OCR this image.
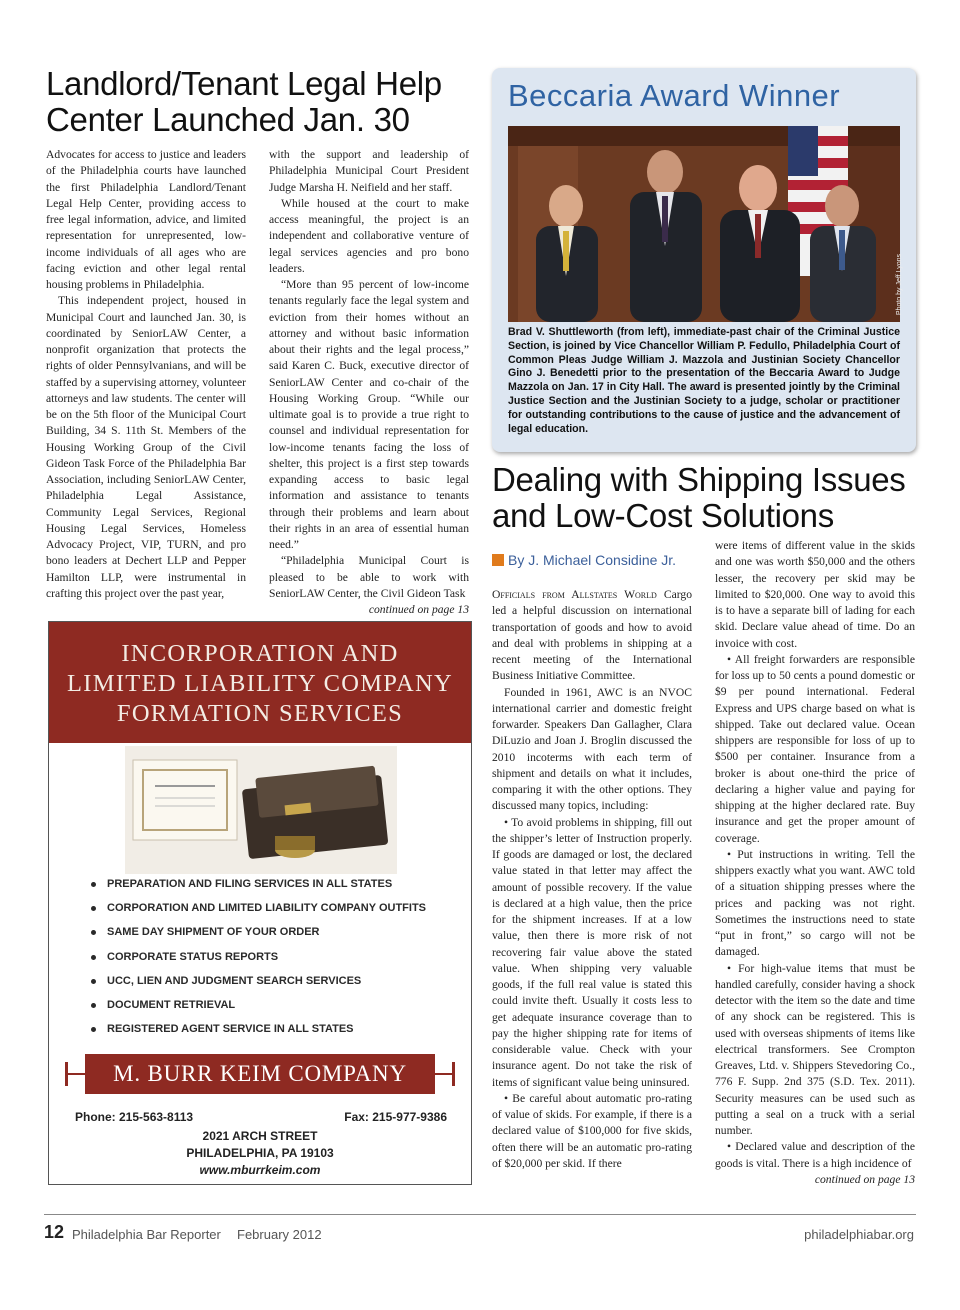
Landlord/Tenant Legal Help
Center Launched Jan. 30

Advocates for access to justice and leaders of the Philadelphia courts have launched the first Philadelphia Landlord/Tenant Legal Help Center, providing access to free legal information, advice, and limited representation for unrepresented, low-income individuals of all ages who are facing eviction and other legal rental housing problems in Philadelphia.

This independent project, housed in Municipal Court and launched Jan. 30, is coordinated by SeniorLAW Center, a nonprofit organization that protects the rights of older Pennsylvanians, and will be staffed by a supervising attorney, volunteer attorneys and law students. The center will be on the 5th floor of the Municipal Court Building, 34 S. 11th St. Members of the Housing Working Group of the Civil Gideon Task Force of the Philadelphia Bar Association, including SeniorLAW Center, Philadelphia Legal Assistance, Community Legal Services, Regional Housing Legal Services, Homeless Advocacy Project, VIP, TURN, and pro bono leaders at Dechert LLP and Pepper Hamilton LLP, were instrumental in crafting this project over the past year,

with the support and leadership of Philadelphia Municipal Court President Judge Marsha H. Neifield and her staff.

While housed at the court to make access meaningful, the project is an independent and collaborative venture of legal services agencies and pro bono leaders.

“More than 95 percent of low-income tenants regularly face the legal system and eviction from their homes without an attorney and without basic information about their rights and the legal process,” said Karen C. Buck, executive director of SeniorLAW Center and co-chair of the Housing Working Group. “While our ultimate goal is to provide a true right to counsel and individual representation for low-income tenants facing the loss of shelter, this project is a first step towards expanding access to basic legal information and assistance to tenants through their problems and learn about their rights in an area of essential human need.”

“Philadelphia Municipal Court is pleased to be able to work with SeniorLAW Center, the Civil Gideon Task

continued on page 13
Beccaria Award Winner
Photo by Jeff Lyons
Brad V. Shuttleworth (from left), immediate-past chair of the Criminal Justice Section, is joined by Vice Chancellor William P. Fedullo, Philadelphia Court of Common Pleas Judge William J. Mazzola and Justinian Society Chancellor Gino J. Benedetti prior to the presentation of the Beccaria Award to Judge Mazzola on Jan. 17 in City Hall. The award is presented jointly by the Criminal Justice Section and the Justinian Society to a judge, scholar or practitioner for outstanding contributions to the cause of justice and the advancement of legal education.
Dealing with Shipping Issues
and Low-Cost Solutions
By J. Michael Considine Jr.

Officials from Allstates World Cargo led a helpful discussion on international transportation of goods and how to avoid and deal with problems in shipping at a recent meeting of the International Business Initiative Committee.

Founded in 1961, AWC is an NVOC international carrier and domestic freight forwarder. Speakers Dan Gallagher, Clara DiLuzio and Joan J. Broglin discussed the 2010 incoterms with each term of shipment and details on what it includes, comparing it with the other options. They discussed many topics, including:

• To avoid problems in shipping, fill out the shipper’s letter of Instruction properly. If goods are damaged or lost, the declared value stated in that letter may affect the amount of possible recovery. If the value is declared at a high value, then the price for the shipment increases. If at a low value, then there is more risk of not recovering fair value above the stated value. When shipping very valuable goods, if the full real value is stated this could invite theft. Usually it costs less to get adequate insurance coverage than to pay the higher shipping rate for items of considerable value. Check with your insurance agent. Do not take the risk of items of significant value being uninsured.

• Be careful about automatic pro-rating of value of skids. For example, if there is a declared value of $100,000 for five skids, often there will be an automatic pro-rating of $20,000 per skid. If there

were items of different value in the skids and one was worth $50,000 and the others lesser, the recovery per skid may be limited to $20,000. One way to avoid this is to have a separate bill of lading for each skid. Declare value ahead of time. Do an invoice with cost.

• All freight forwarders are responsible for loss up to 50 cents a pound domestic or $9 per pound international. Federal Express and UPS charge based on what is shipped. Take out declared value. Ocean shippers are responsible for loss of up to $500 per container. Insurance from a broker is about one-third the price of declaring a higher value and paying for shipping at the higher declared rate. Buy insurance and get the proper amount of coverage.

• Put instructions in writing. Tell the shippers exactly what you want. AWC told of a situation shipping presses where the prices and packing was not right. Sometimes the instructions need to state “put in front,” so cargo will not be damaged.

• For high-value items that must be handled carefully, consider having a shock detector with the item so the date and time of any shock can be registered. This is used with overseas shipments of items like electrical transformers. See Crompton Greaves, Ltd. v. Shippers Stevedoring Co., 776 F. Supp. 2nd 375 (S.D. Tex. 2011). Security measures can be used such as putting a seal on a truck with a serial number.

• Declared value and description of the goods is vital. There is a high incidence of

continued on page 13
INCORPORATION AND
LIMITED LIABILITY COMPANY
FORMATION SERVICES
PREPARATION AND FILING SERVICES IN ALL STATES
CORPORATION AND LIMITED LIABILITY COMPANY OUTFITS
SAME DAY SHIPMENT OF YOUR ORDER
CORPORATE STATUS REPORTS
UCC, LIEN AND JUDGMENT SEARCH SERVICES
DOCUMENT RETRIEVAL
REGISTERED AGENT SERVICE IN ALL STATES
M. BURR KEIM COMPANY
Phone: 215-563-8113	Fax: 215-977-9386
2021 ARCH STREET
PHILADELPHIA, PA 19103
www.mburrkeim.com
12 Philadelphia Bar Reporter February 2012	philadelphiabar.org
